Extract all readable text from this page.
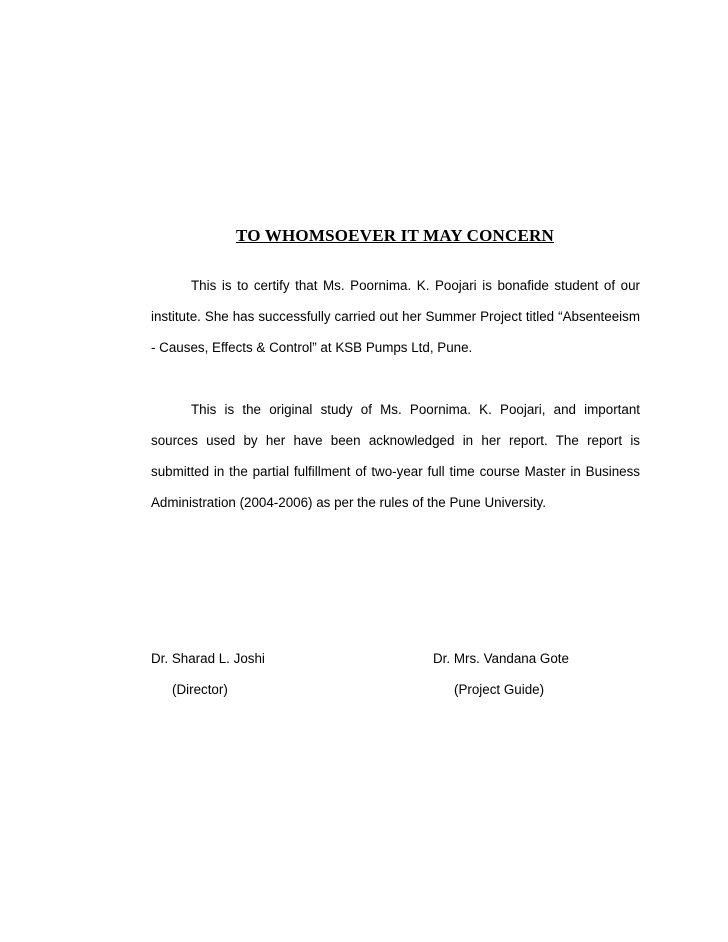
TO WHOMSOEVER IT MAY CONCERN
This is to certify that Ms. Poornima. K. Poojari is bonafide student of our
institute. She has successfully carried out her Summer Project titled “Absenteeism
- Causes, Effects & Control” at KSB Pumps Ltd, Pune.
This is the original study of Ms. Poornima. K. Poojari, and important
sources used by her have been acknowledged in her report. The report is
submitted in the partial fulfillment of two-year full time course Master in Business
Administration (2004-2006) as per the rules of the Pune University.
Dr. Sharad L. Joshi
(Director)
Dr. Mrs. Vandana Gote
(Project Guide)
